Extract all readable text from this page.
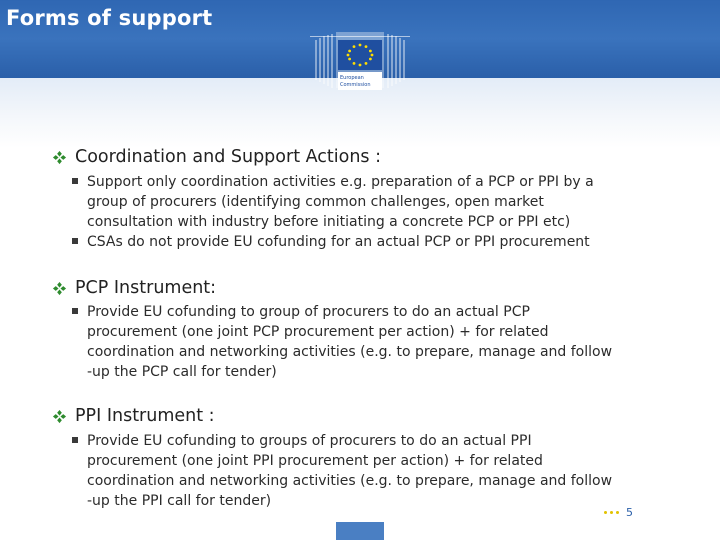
Forms of support
European
Commission
Coordination and Support Actions :
Support only coordination activities e.g. preparation of a PCP or PPI by a
group of procurers (identifying common challenges, open market
consultation with industry before initiating a concrete PCP or PPI etc)
CSAs do not provide EU cofunding for an actual PCP or PPI procurement
PCP Instrument:
Provide EU cofunding to group of procurers to do an actual PCP
procurement (one joint PCP procurement per action) + for related
coordination and networking activities (e.g. to prepare, manage and follow
-up the PCP call for tender)
PPI Instrument :
Provide EU cofunding to groups of procurers to do an actual PPI
procurement (one joint PPI procurement per action) + for related
coordination and networking activities (e.g. to prepare, manage and follow
-up the PPI call for tender)
5
